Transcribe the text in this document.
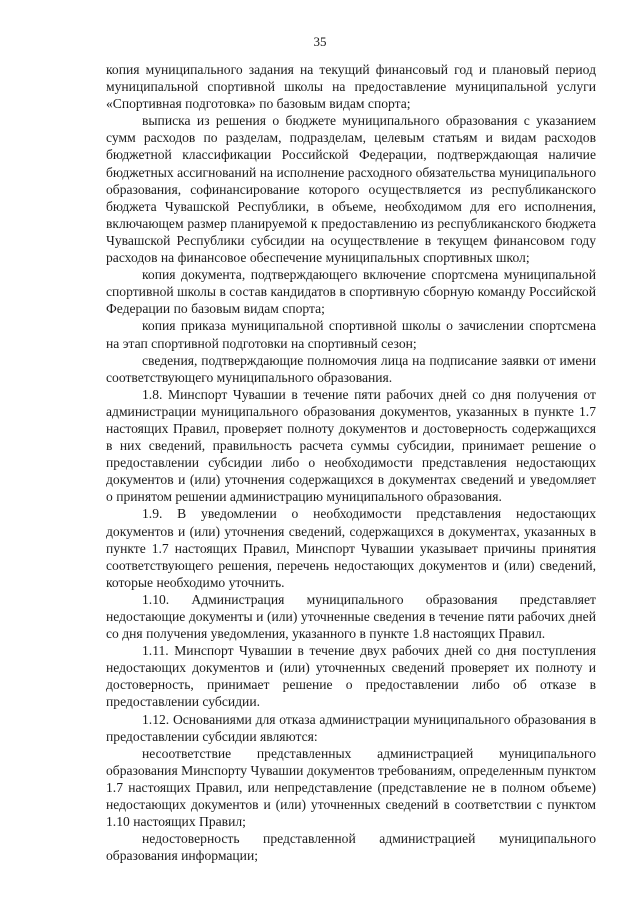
35

копия муниципального задания на текущий финансовый год и плановый период муниципальной спортивной школы на предоставление муниципальной услуги «Спортивная подготовка» по базовым видам спорта;

выписка из решения о бюджете муниципального образования с указанием сумм расходов по разделам, подразделам, целевым статьям и видам расходов бюджетной классификации Российской Федерации, подтверждающая наличие бюджетных ассигнований на исполнение расходного обязательства муниципального образования, софинансирование которого осуществляется из республиканского бюджета Чувашской Республики, в объеме, необходимом для его исполнения, включающем размер планируемой к предоставлению из республиканского бюджета Чувашской Республики субсидии на осуществление в текущем финансовом году расходов на финансовое обеспечение муниципальных спортивных школ;

копия документа, подтверждающего включение спортсмена муниципальной спортивной школы в состав кандидатов в спортивную сборную команду Российской Федерации по базовым видам спорта;

копия приказа муниципальной спортивной школы о зачислении спортсмена на этап спортивной подготовки на спортивный сезон;

сведения, подтверждающие полномочия лица на подписание заявки от имени соответствующего муниципального образования.

1.8. Минспорт Чувашии в течение пяти рабочих дней со дня получения от администрации муниципального образования документов, указанных в пункте 1.7 настоящих Правил, проверяет полноту документов и достоверность содержащихся в них сведений, правильность расчета суммы субсидии, принимает решение о предоставлении субсидии либо о необходимости представления недостающих документов и (или) уточнения содержащихся в документах сведений и уведомляет о принятом решении администрацию муниципального образования.

1.9. В уведомлении о необходимости представления недостающих документов и (или) уточнения сведений, содержащихся в документах, указанных в пункте 1.7 настоящих Правил, Минспорт Чувашии указывает причины принятия соответствующего решения, перечень недостающих документов и (или) сведений, которые необходимо уточнить.

1.10. Администрация муниципального образования представляет недостающие документы и (или) уточненные сведения в течение пяти рабочих дней со дня получения уведомления, указанного в пункте 1.8 настоящих Правил.

1.11. Минспорт Чувашии в течение двух рабочих дней со дня поступления недостающих документов и (или) уточненных сведений проверяет их полноту и достоверность, принимает решение о предоставлении либо об отказе в предоставлении субсидии.

1.12. Основаниями для отказа администрации муниципального образования в предоставлении субсидии являются:

несоответствие представленных администрацией муниципального образования Минспорту Чувашии документов требованиям, определенным пунктом 1.7 настоящих Правил, или непредставление (представление не в полном объеме) недостающих документов и (или) уточненных сведений в соответствии с пунктом 1.10 настоящих Правил;

недостоверность представленной администрацией муниципального образования информации;
